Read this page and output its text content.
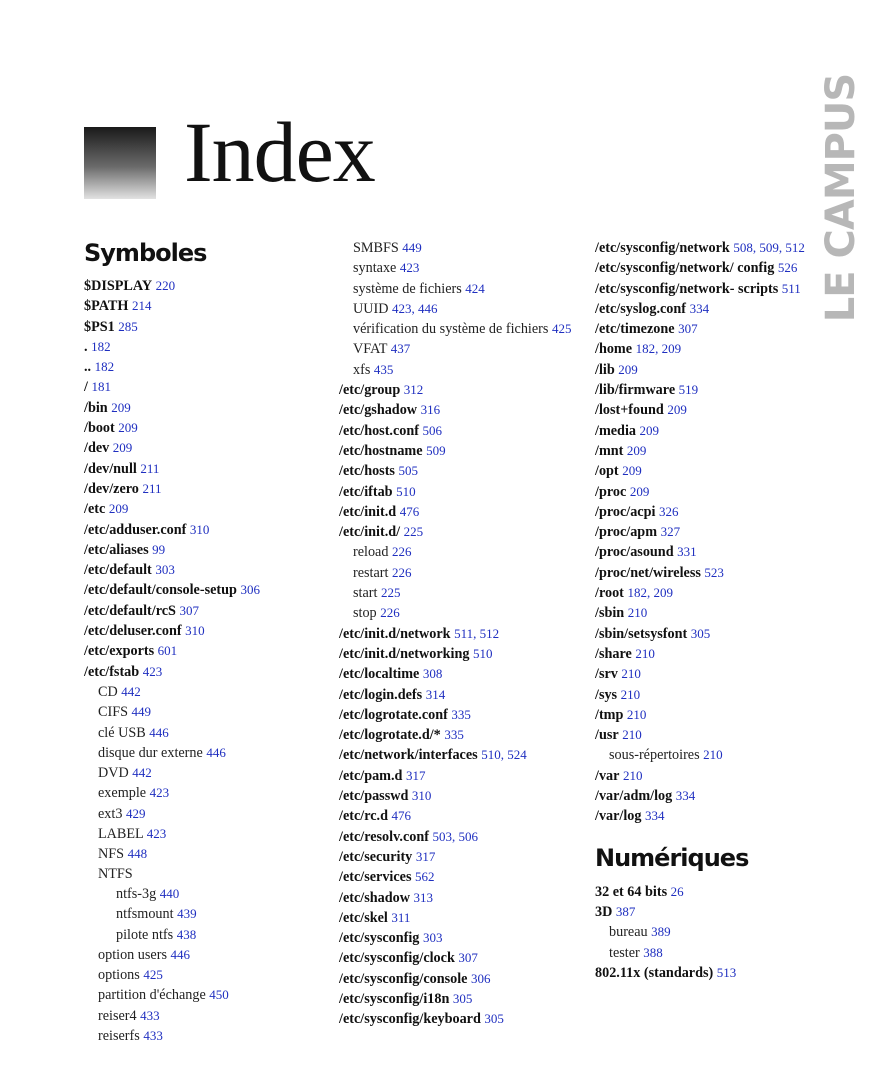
Index	LE CAMPUS
Symboles
$DISPLAY 220
$PATH 214
$PS1 285
. 182
.. 182
/ 181
/bin 209
/boot 209
/dev 209
/dev/null 211
/dev/zero 211
/etc 209
/etc/adduser.conf 310
/etc/aliases 99
/etc/default 303
/etc/default/console-setup 306
/etc/default/rcS 307
/etc/deluser.conf 310
/etc/exports 601
/etc/fstab 423
CD 442
CIFS 449
clé USB 446
disque dur externe 446
DVD 442
exemple 423
ext3 429
LABEL 423
NFS 448
NTFS
ntfs-3g 440
ntfsmount 439
pilote ntfs 438
option users 446
options 425
partition d'échange 450
reiser4 433
reiserfs 433
SMBFS 449
syntaxe 423
système de fichiers 424
UUID 423, 446
vérification du système de fichiers 425
VFAT 437
xfs 435
/etc/group 312
/etc/gshadow 316
/etc/host.conf 506
/etc/hostname 509
/etc/hosts 505
/etc/iftab 510
/etc/init.d 476
/etc/init.d/ 225
reload 226
restart 226
start 225
stop 226
/etc/init.d/network 511, 512
/etc/init.d/networking 510
/etc/localtime 308
/etc/login.defs 314
/etc/logrotate.conf 335
/etc/logrotate.d/* 335
/etc/network/interfaces 510, 524
/etc/pam.d 317
/etc/passwd 310
/etc/rc.d 476
/etc/resolv.conf 503, 506
/etc/security 317
/etc/services 562
/etc/shadow 313
/etc/skel 311
/etc/sysconfig 303
/etc/sysconfig/clock 307
/etc/sysconfig/console 306
/etc/sysconfig/i18n 305
/etc/sysconfig/keyboard 305
/etc/sysconfig/network 508, 509, 512
/etc/sysconfig/network/ config 526
/etc/sysconfig/network- scripts 511
/etc/syslog.conf 334
/etc/timezone 307
/home 182, 209
/lib 209
/lib/firmware 519
/lost+found 209
/media 209
/mnt 209
/opt 209
/proc 209
/proc/acpi 326
/proc/apm 327
/proc/asound 331
/proc/net/wireless 523
/root 182, 209
/sbin 210
/sbin/setsysfont 305
/share 210
/srv 210
/sys 210
/tmp 210
/usr 210
sous-répertoires 210
/var 210
/var/adm/log 334
/var/log 334
Numériques
32 et 64 bits 26
3D 387
bureau 389
tester 388
802.11x (standards) 513
